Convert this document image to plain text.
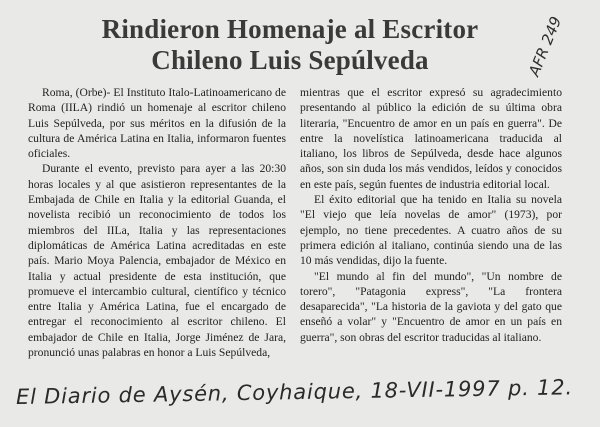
Rindieron Homenaje al Escritor
Chileno Luis Sepúlveda

Roma, (Orbe)- El Instituto Italo-Latinoamericano de Roma (IILA) rindió un homenaje al escritor chileno Luis Sepúlveda, por sus méritos en la difusión de la cultura de América Latina en Italia, informaron fuentes oficiales.

Durante el evento, previsto para ayer a las 20:30 horas locales y al que asistieron representantes de la Embajada de Chile en Italia y la editorial Guanda, el novelista recibió un reconocimiento de todos los miembros del IILa, Italia y las representaciones diplomáticas de América Latina acreditadas en este país. Mario Moya Palencia, embajador de México en Italia y actual presidente de esta institución, que promueve el intercambio cultural, científico y técnico entre Italia y América Latina, fue el encargado de entregar el reconocimiento al escritor chileno. El embajador de Chile en Italia, Jorge Jiménez de Jara, pronunció unas palabras en honor a Luis Sepúlveda,

mientras que el escritor expresó su agradecimiento presentando al público la edición de su última obra literaria, "Encuentro de amor en un país en guerra". De entre la novelística latinoamericana traducida al italiano, los libros de Sepúlveda, desde hace algunos años, son sin duda los más vendidos, leídos y conocidos en este país, según fuentes de industria editorial local.

El éxito editorial que ha tenido en Italia su novela "El viejo que leía novelas de amor" (1973), por ejemplo, no tiene precedentes. A cuatro años de su primera edición al italiano, continúa siendo una de las 10 más vendidas, dijo la fuente.

"El mundo al fin del mundo", "Un nombre de torero", "Patagonia express", "La frontera desaparecida", "La historia de la gaviota y del gato que enseñó a volar" y "Encuentro de amor en un país en guerra", son obras del escritor traducidas al italiano.

El Diario de Aysén, Coyhaique, 18-VII-1997 p. 12.
AFR 249
